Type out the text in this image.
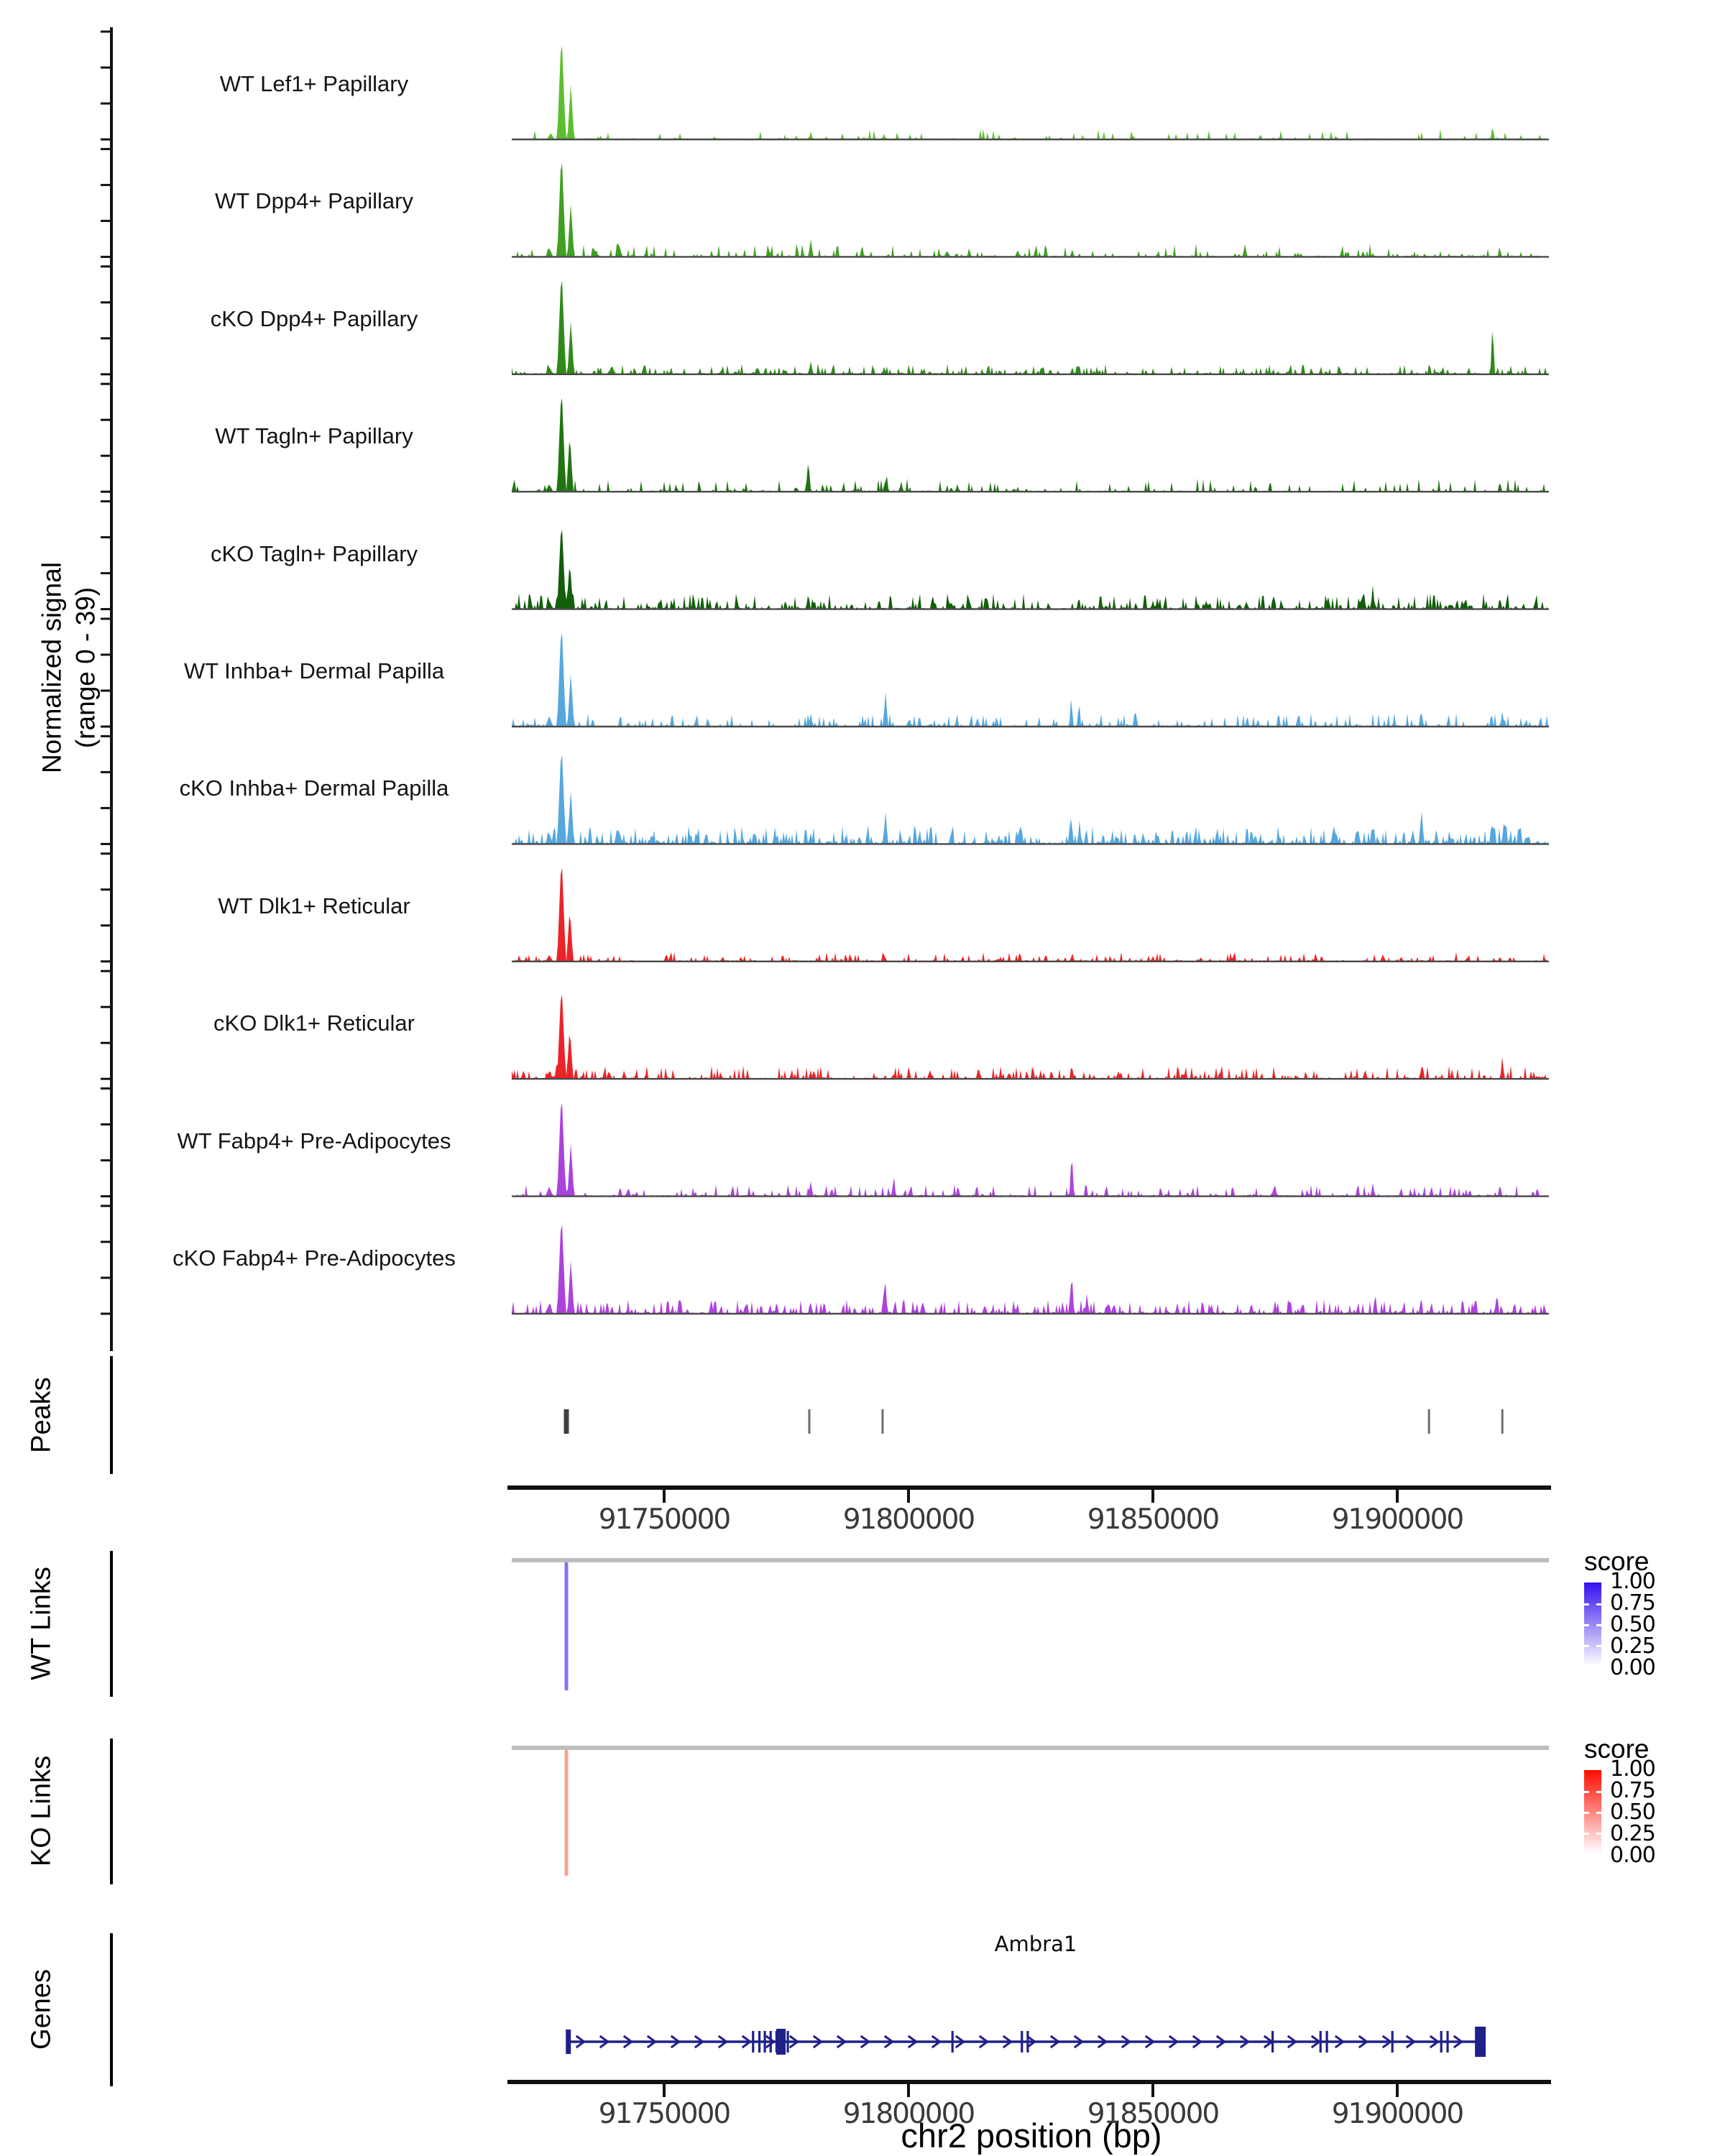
Normalized signal (range 0 - 39)
WT Lef1+ Papillary
WT Dpp4+ Papillary
cKO Dpp4+ Papillary
WT Tagln+ Papillary
cKO Tagln+ Papillary
WT Inhba+ Dermal Papilla
cKO Inhba+ Dermal Papilla
WT Dlk1+ Reticular
cKO Dlk1+ Reticular
WT Fabp4+ Pre-Adipocytes
cKO Fabp4+ Pre-Adipocytes
Peaks
WT Links
KO Links
Genes
score
1.00
0.75
0.50
0.25
0.00
score
1.00
0.75
0.50
0.25
0.00
Ambra1
chr2 position (bp)
91750000	91800000	91850000	91900000
91750000	91800000	91850000	91900000
